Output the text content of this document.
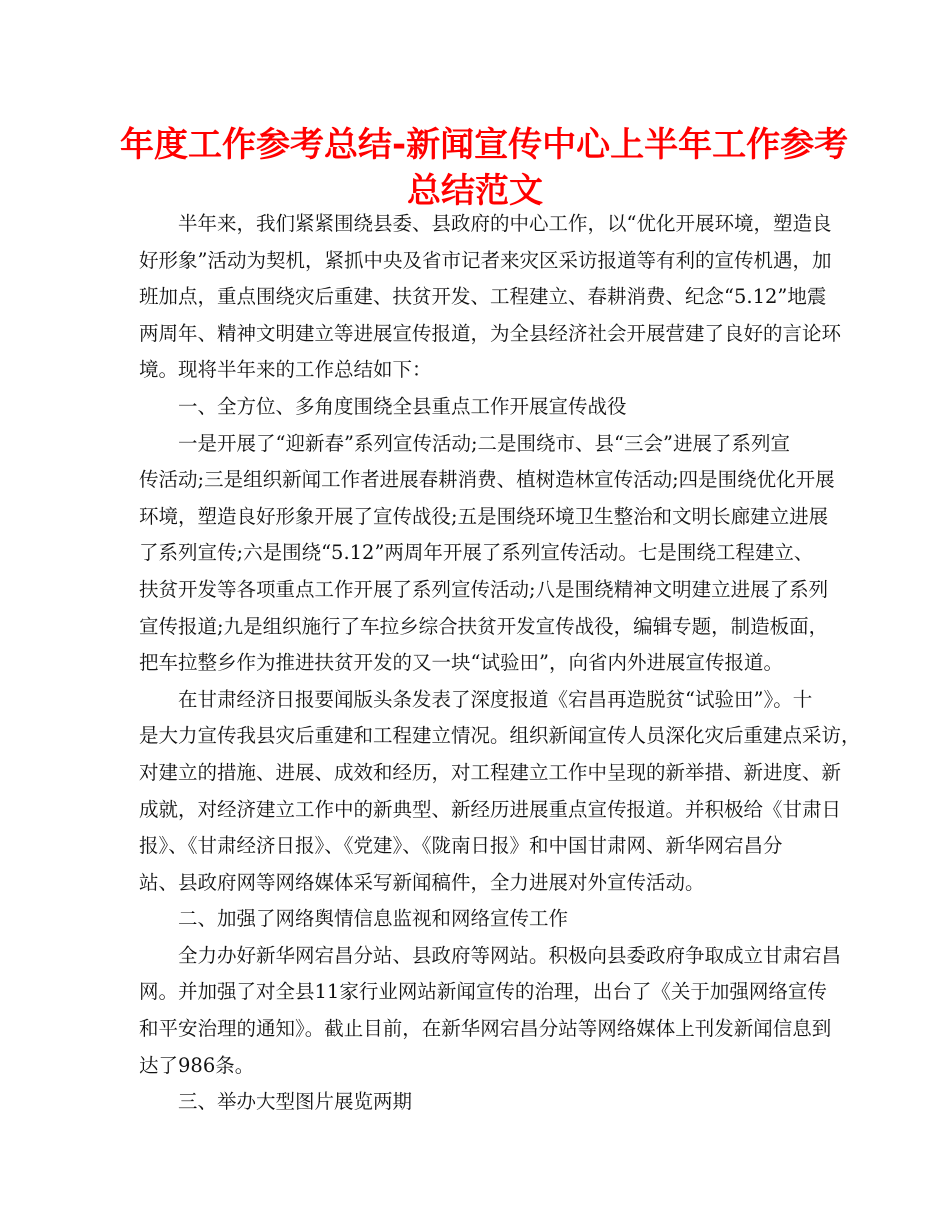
年度工作参考总结-新闻宣传中心上半年工作参考
总结范文
半年来，我们紧紧围绕县委、县政府的中心工作，以“优化开展环境，塑造良
好形象”活动为契机，紧抓中央及省市记者来灾区采访报道等有利的宣传机遇，加
班加点，重点围绕灾后重建、扶贫开发、工程建立、春耕消费、纪念“5.12”地震
两周年、精神文明建立等进展宣传报道，为全县经济社会开展营建了良好的言论环
境。现将半年来的工作总结如下：
一、全方位、多角度围绕全县重点工作开展宣传战役
一是开展了“迎新春”系列宣传活动;二是围绕市、县“三会”进展了系列宣
传活动;三是组织新闻工作者进展春耕消费、植树造林宣传活动;四是围绕优化开展
环境，塑造良好形象开展了宣传战役;五是围绕环境卫生整治和文明长廊建立进展
了系列宣传;六是围绕“5.12”两周年开展了系列宣传活动。七是围绕工程建立、
扶贫开发等各项重点工作开展了系列宣传活动;八是围绕精神文明建立进展了系列
宣传报道;九是组织施行了车拉乡综合扶贫开发宣传战役，编辑专题，制造板面，
把车拉整乡作为推进扶贫开发的又一块“试验田”，向省内外进展宣传报道。
在甘肃经济日报要闻版头条发表了深度报道《宕昌再造脱贫“试验田”》。十
是大力宣传我县灾后重建和工程建立情况。组织新闻宣传人员深化灾后重建点采访，
对建立的措施、进展、成效和经历，对工程建立工作中呈现的新举措、新进度、新
成就，对经济建立工作中的新典型、新经历进展重点宣传报道。并积极给《甘肃日
报》、《甘肃经济日报》、《党建》、《陇南日报》和中国甘肃网、新华网宕昌分
站、县政府网等网络媒体采写新闻稿件，全力进展对外宣传活动。
二、加强了网络舆情信息监视和网络宣传工作
全力办好新华网宕昌分站、县政府等网站。积极向县委政府争取成立甘肃宕昌
网。并加强了对全县11家行业网站新闻宣传的治理，出台了《关于加强网络宣传
和平安治理的通知》。截止目前，在新华网宕昌分站等网络媒体上刊发新闻信息到
达了986条。
三、举办大型图片展览两期
